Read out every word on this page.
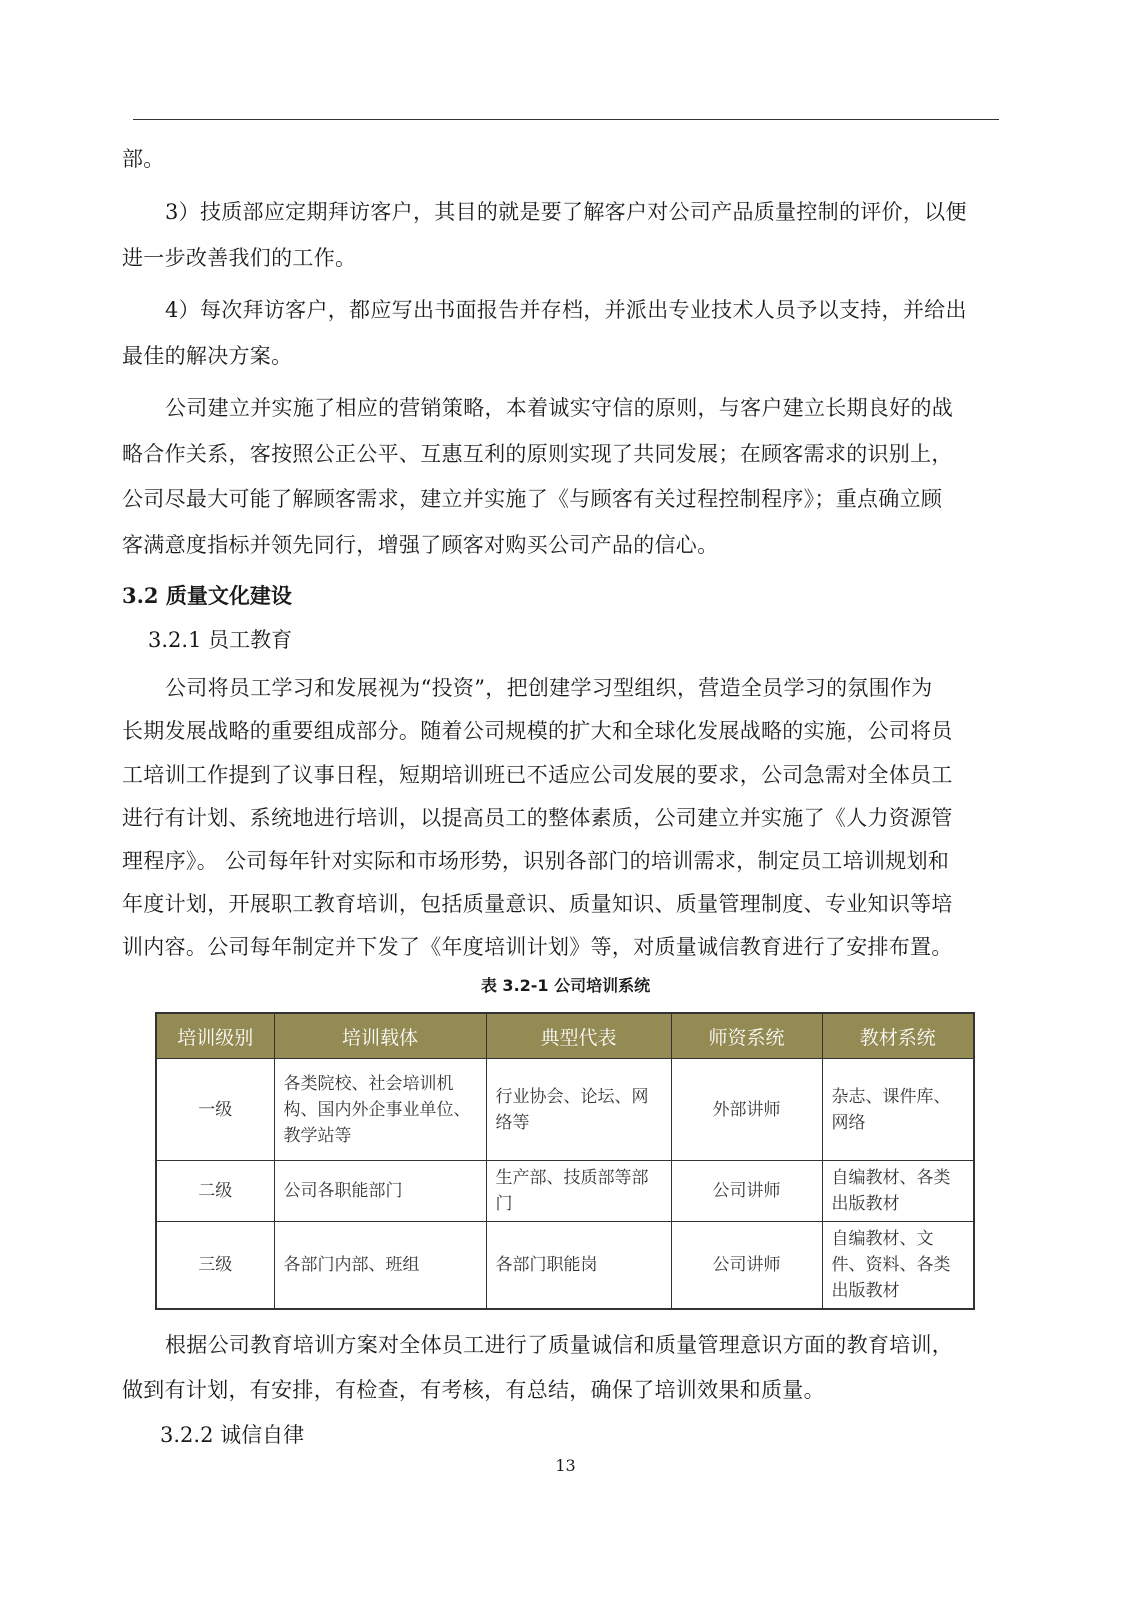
部。
3）技质部应定期拜访客户，其目的就是要了解客户对公司产品质量控制的评价，以便
进一步改善我们的工作。
4）每次拜访客户，都应写出书面报告并存档，并派出专业技术人员予以支持，并给出
最佳的解决方案。
公司建立并实施了相应的营销策略，本着诚实守信的原则，与客户建立长期良好的战
略合作关系，客按照公正公平、互惠互利的原则实现了共同发展；在顾客需求的识别上，
公司尽最大可能了解顾客需求，建立并实施了《与顾客有关过程控制程序》；重点确立顾
客满意度指标并领先同行，增强了顾客对购买公司产品的信心。
3.2 质量文化建设
3.2.1 员工教育
公司将员工学习和发展视为“投资”，把创建学习型组织，营造全员学习的氛围作为
长期发展战略的重要组成部分。随着公司规模的扩大和全球化发展战略的实施，公司将员
工培训工作提到了议事日程，短期培训班已不适应公司发展的要求，公司急需对全体员工
进行有计划、系统地进行培训，以提高员工的整体素质，公司建立并实施了《人力资源管
理程序》。 公司每年针对实际和市场形势，识别各部门的培训需求，制定员工培训规划和
年度计划，开展职工教育培训，包括质量意识、质量知识、质量管理制度、专业知识等培
训内容。公司每年制定并下发了《年度培训计划》等，对质量诚信教育进行了安排布置。
表 3.2-1 公司培训系统
培训级别	培训载体	典型代表	师资系统	教材系统
一级	各类院校、社会培训机构、国内外企事业单位、教学站等	行业协会、论坛、网络等	外部讲师	杂志、课件库、网络
二级	公司各职能部门	生产部、技质部等部门	公司讲师	自编教材、各类出版教材
三级	各部门内部、班组	各部门职能岗	公司讲师	自编教材、文件、资料、各类出版教材
根据公司教育培训方案对全体员工进行了质量诚信和质量管理意识方面的教育培训，
做到有计划，有安排，有检查，有考核，有总结，确保了培训效果和质量。
3.2.2 诚信自律
13
